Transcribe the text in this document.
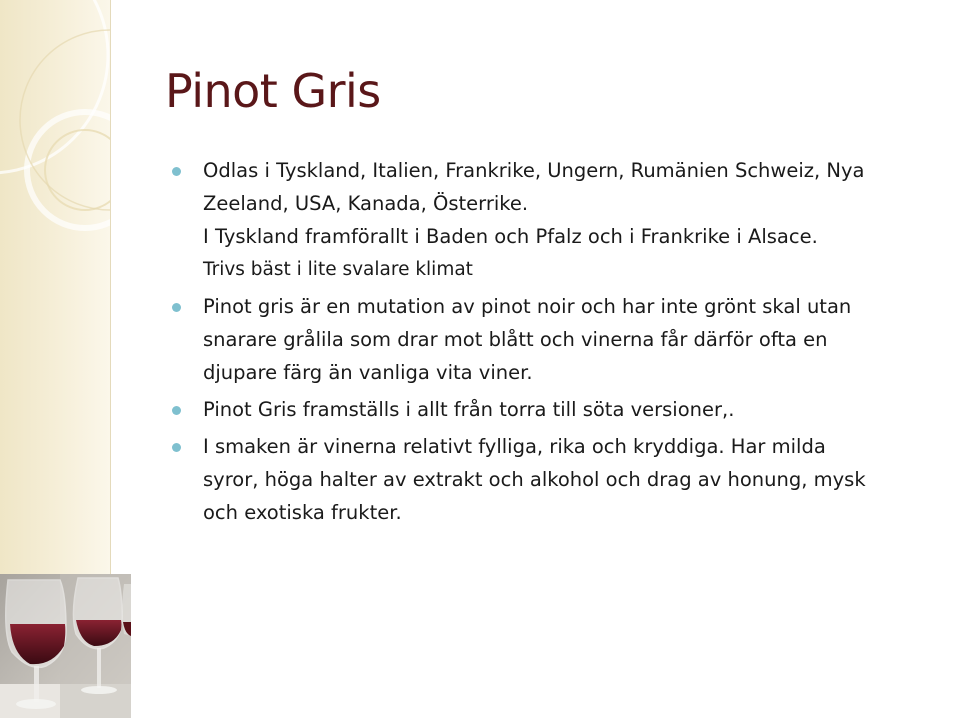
Pinot Gris
Odlas i Tyskland, Italien, Frankrike, Ungern, Rumänien Schweiz, Nya
Zeeland, USA, Kanada, Österrike.
I Tyskland framförallt i Baden och Pfalz och i Frankrike i Alsace.
Trivs bäst i lite svalare klimat
Pinot gris är en mutation av pinot noir och har inte grönt skal utan
snarare grålila som drar mot blått och vinerna får därför ofta en
djupare färg än vanliga vita viner.
Pinot Gris framställs i allt från torra till söta versioner,.
I smaken är vinerna relativt fylliga, rika och kryddiga. Har milda
syror, höga halter av extrakt och alkohol och drag av honung, mysk
och exotiska frukter.
